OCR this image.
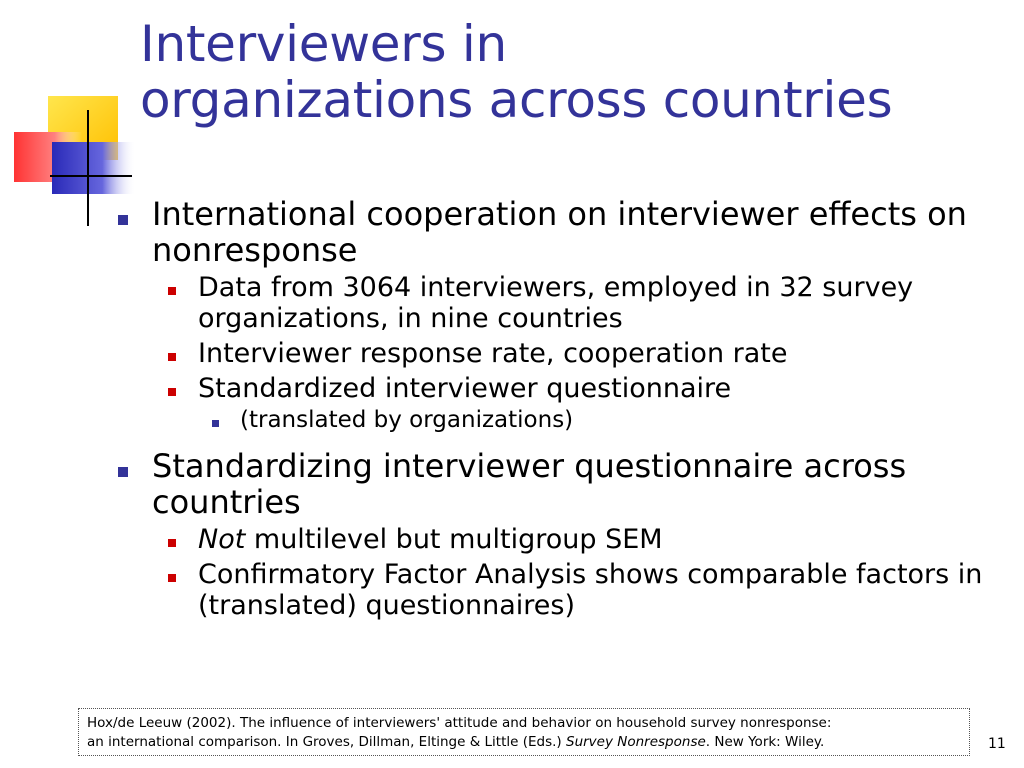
Interviewers in
organizations across countries
International cooperation on interviewer effects on nonresponse
Data from 3064 interviewers, employed in 32 survey organizations, in nine countries
Interviewer response rate, cooperation rate
Standardized interviewer questionnaire
(translated by organizations)
Standardizing interviewer questionnaire across countries
Not multilevel but multigroup SEM
Confirmatory Factor Analysis shows comparable factors in (translated) questionnaires)
Hox/de Leeuw (2002). The influence of interviewers' attitude and behavior on household survey nonresponse:
an international comparison. In Groves, Dillman, Eltinge & Little (Eds.) Survey Nonresponse. New York: Wiley.	11
